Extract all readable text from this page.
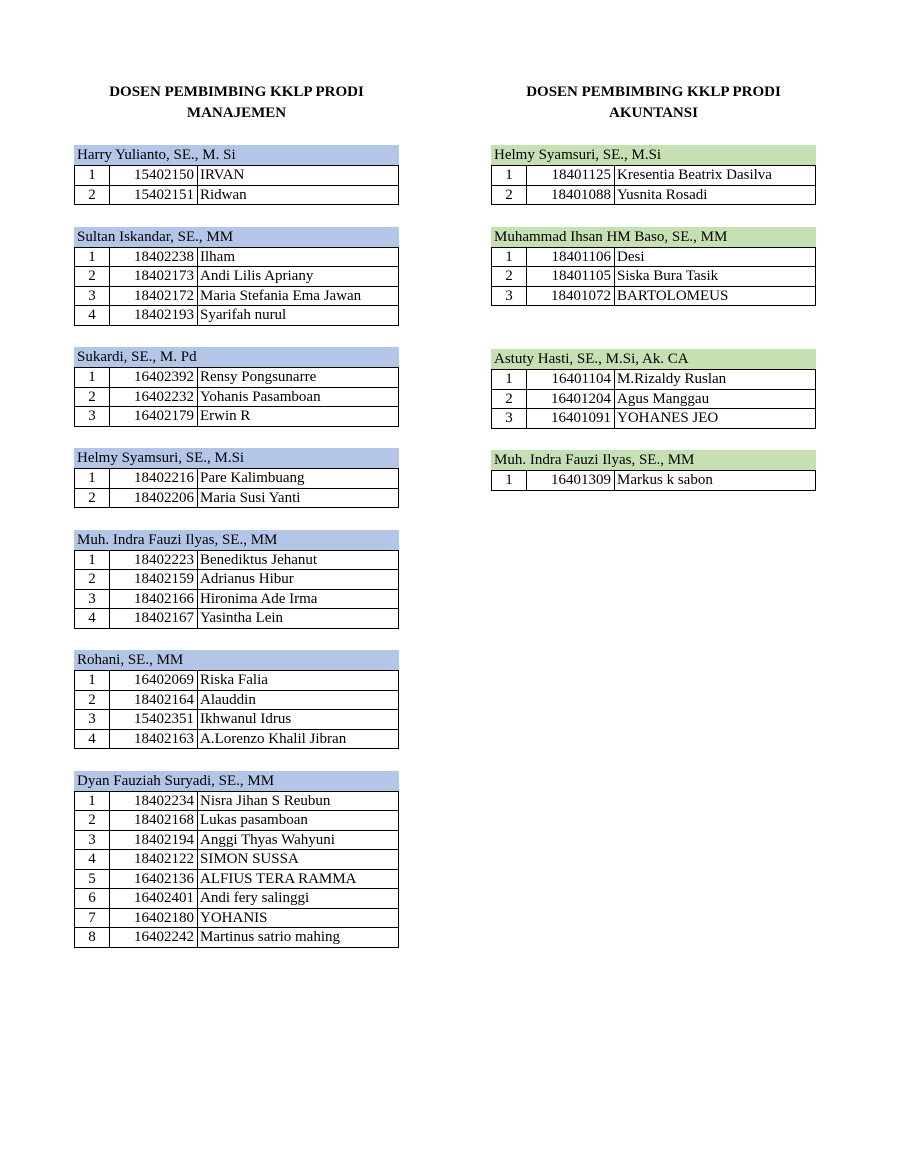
DOSEN PEMBIMBING KKLP PRODI
MANAJEMEN
Harry Yulianto, SE., M. Si
1	15402150	IRVAN
2	15402151	Ridwan
Sultan Iskandar, SE., MM
1	18402238	Ilham
2	18402173	Andi Lilis Apriany
3	18402172	Maria Stefania Ema Jawan
4	18402193	Syarifah nurul
Sukardi, SE., M. Pd
1	16402392	Rensy Pongsunarre
2	16402232	Yohanis Pasamboan
3	16402179	Erwin R
Helmy Syamsuri, SE., M.Si
1	18402216	Pare Kalimbuang
2	18402206	Maria Susi Yanti
Muh. Indra Fauzi Ilyas, SE., MM
1	18402223	Benediktus Jehanut
2	18402159	Adrianus Hibur
3	18402166	Hironima Ade Irma
4	18402167	Yasintha Lein
Rohani, SE., MM
1	16402069	Riska Falia
2	18402164	Alauddin
3	15402351	Ikhwanul Idrus
4	18402163	A.Lorenzo Khalil Jibran
Dyan Fauziah Suryadi, SE., MM
1	18402234	Nisra Jihan S Reubun
2	18402168	Lukas pasamboan
3	18402194	Anggi Thyas Wahyuni
4	18402122	SIMON SUSSA
5	16402136	ALFIUS TERA RAMMA
6	16402401	Andi fery salinggi
7	16402180	YOHANIS
8	16402242	Martinus satrio mahing
DOSEN PEMBIMBING KKLP PRODI
AKUNTANSI
Helmy Syamsuri, SE., M.Si
1	18401125	Kresentia Beatrix Dasilva
2	18401088	Yusnita Rosadi
Muhammad Ihsan HM Baso, SE., MM
1	18401106	Desi
2	18401105	Siska Bura Tasik
3	18401072	BARTOLOMEUS
Astuty Hasti, SE., M.Si, Ak. CA
1	16401104	M.Rizaldy Ruslan
2	16401204	Agus Manggau
3	16401091	YOHANES JEO
Muh. Indra Fauzi Ilyas, SE., MM
1	16401309	Markus k sabon
